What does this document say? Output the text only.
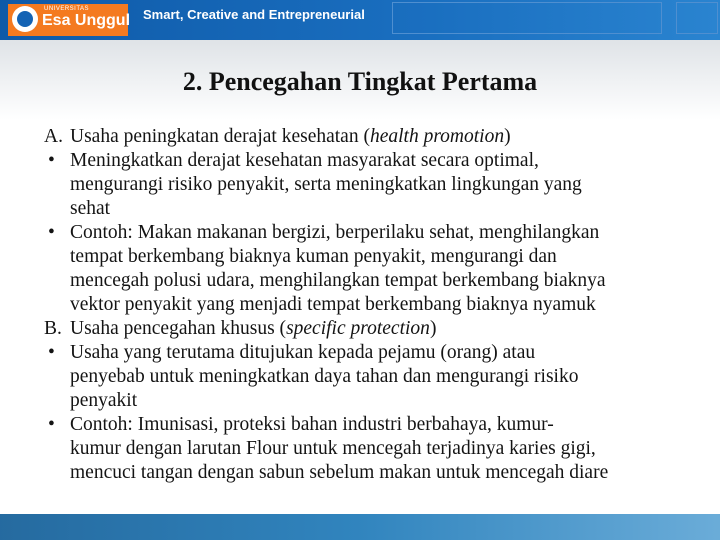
UNIVERSITAS
Esa Unggul Smart, Creative and Entrepreneurial
2. Pencegahan Tingkat Pertama
A. Usaha peningkatan derajat kesehatan (health promotion)
• Meningkatkan derajat kesehatan masyarakat secara optimal,
mengurangi risiko penyakit, serta meningkatkan lingkungan yang
sehat
• Contoh: Makan makanan bergizi, berperilaku sehat, menghilangkan
tempat berkembang biaknya kuman penyakit, mengurangi dan
mencegah polusi udara, menghilangkan tempat berkembang biaknya
vektor penyakit yang menjadi tempat berkembang biaknya nyamuk
B. Usaha pencegahan khusus (specific protection)
• Usaha yang terutama ditujukan kepada pejamu (orang) atau
penyebab untuk meningkatkan daya tahan dan mengurangi risiko
penyakit
• Contoh: Imunisasi, proteksi bahan industri berbahaya, kumur-
kumur dengan larutan Flour untuk mencegah terjadinya karies gigi,
mencuci tangan dengan sabun sebelum makan untuk mencegah diare
